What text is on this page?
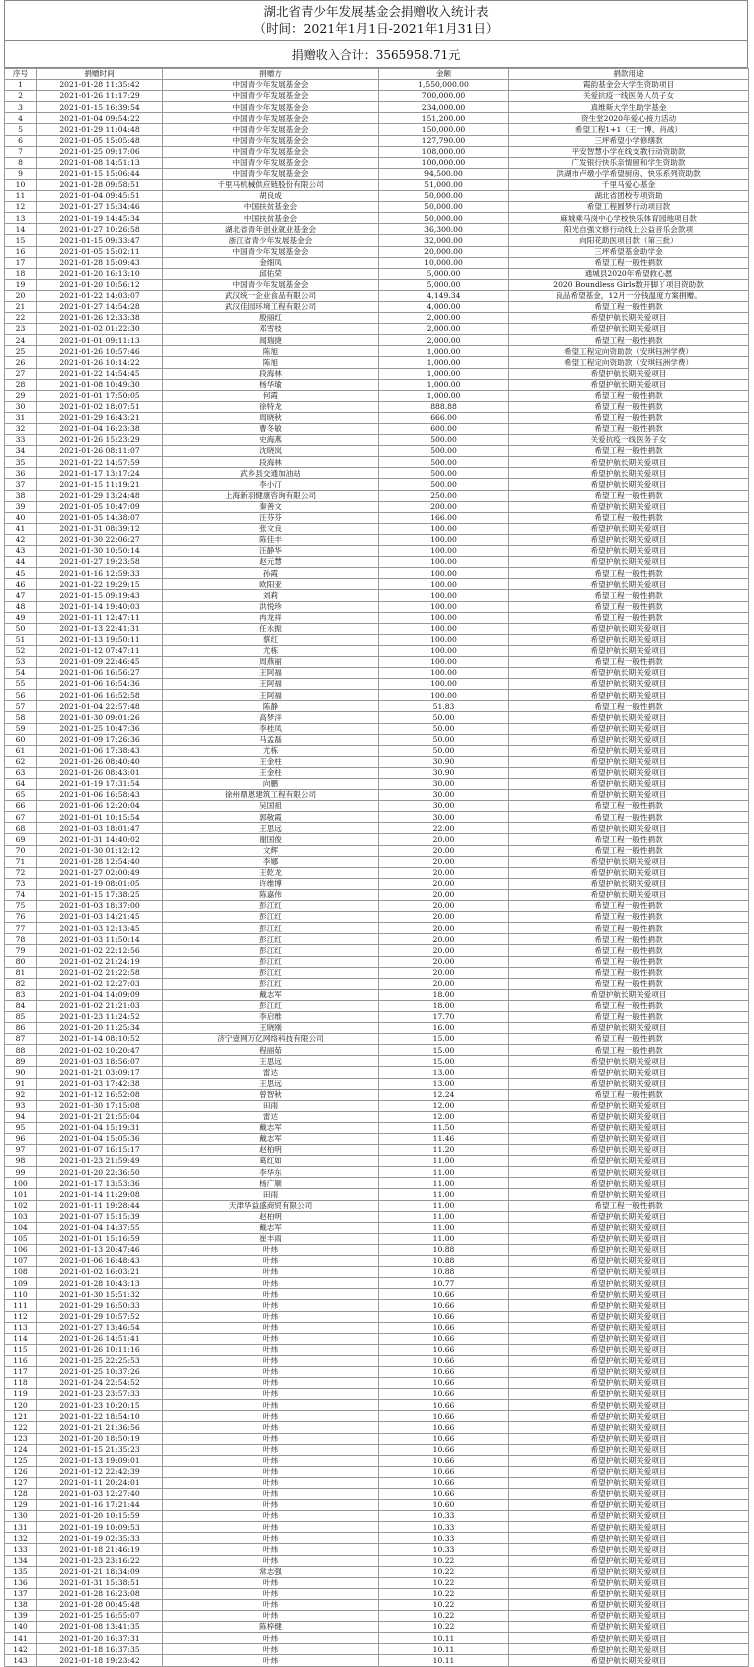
湖北省青少年发展基金会捐赠收入统计表
（时间：2021年1月1日-2021年1月31日）
捐赠收入合计：3565958.71元
序号	捐赠时间	捐赠方	金额	捐款用途
1	2021-01-28 11:35:42	中国青少年发展基金会	1,550,000.00	霞韵基金会大学生资助项目
2	2021-01-26 11:17:29	中国青少年发展基金会	700,000.00	关爱抗疫一线医务人员子女
3	2021-01-15 16:39:54	中国青少年发展基金会	234,000.00	真维斯大学生助学基金
4	2021-01-04 09:54:22	中国青少年发展基金会	151,200.00	资生堂2020年爱心接力活动
5	2021-01-29 11:04:48	中国青少年发展基金会	150,000.00	希望工程1+1（王一博、肖战）
6	2021-01-05 15:05:48	中国青少年发展基金会	127,790.00	三坪希望小学修缮款
7	2021-01-25 09:17:06	中国青少年发展基金会	108,000.00	平安智慧小学在线支教行动资助款
8	2021-01-08 14:51:13	中国青少年发展基金会	100,000.00	广发银行快乐亲情留和学生资助款
9	2021-01-15 15:06:44	中国青少年发展基金会	94,500.00	洪湖市卢墩小学希望厨房、快乐系列资助款
10	2021-01-28 09:58:51	千里马机械供应链股份有限公司	51,000.00	千里马爱心基金
11	2021-01-04 09:45:51	胡良成	50,000.00	湖北省团校专项资助
12	2021-01-27 15:34:46	中国扶贫基金会	50,000.00	希望工程圆梦行动项目款
13	2021-01-19 14:45:34	中国扶贫基金会	50,000.00	麻城乘马岗中心学校快乐体育园地项目款
14	2021-01-27 10:26:58	湖北省青年创业就业基金会	36,300.00	阳光自强文修行动线上公益音乐会款项
15	2021-01-15 09:33:47	浙江省青少年发展基金会	32,000.00	向阳花助医项目款（第三批）
16	2021-01-05 15:02:11	中国青少年发展基金会	20,000.00	三坪希望基金助学金
17	2021-01-28 15:09:43	金细凤	10,000.00	希望工程一般性捐款
18	2021-01-20 16:13:10	邱佑荣	5,000.00	通城县2020年希望救心愿
19	2021-01-20 10:56:12	中国青少年发展基金会	5,000.00	2020 Boundless Girls数开脚丫项目资助款
20	2021-01-22 14:03:07	武汉统一企业食品有限公司	4,149.34	良品希望基金，12月一分钱温度方案捐赠。
21	2021-01-27 14:54:28	武汉佳园环境工程有限公司	4,000.00	希望工程一般性捐款
22	2021-01-26 12:33:38	殷丽红	2,000.00	希望护航长期关爱项目
23	2021-01-02 01:22:30	邓雪枝	2,000.00	希望护航长期关爱项目
24	2021-01-01 09:11:13	闻瑞捷	2,000.00	希望工程一般性捐款
25	2021-01-26 10:57:46	陈旭	1,000.00	希望工程定向资助款（安琪钰洲学费）
26	2021-01-26 10:14:22	陈旭	1,000.00	希望工程定向资助款（安琪钰洲学费）
27	2021-01-22 14:54:45	段海林	1,000.00	希望护航长期关爱项目
28	2021-01-08 10:49:30	杨华瑜	1,000.00	希望护航长期关爱项目
29	2021-01-01 17:50:05	何霞	1,000.00	希望工程一般性捐款
30	2021-01-02 18:07:51	徐特龙	888.88	希望工程一般性捐款
31	2021-01-29 16:43:21	周晓秋	666.00	希望工程一般性捐款
32	2021-01-04 16:23:38	曹冬敏	600.00	希望工程一般性捐款
33	2021-01-26 15:23:29	史海燕	500.00	关爱抗疫一线医务子女
34	2021-01-26 08:11:07	沈晓岚	500.00	希望工程一般性捐款
35	2021-01-22 14:57:59	段海林	500.00	希望护航长期关爱项目
36	2021-01-17 13:17:24	武乡县交通加油站	500.00	希望护航长期关爱项目
37	2021-01-15 11:19:21	李小汀	500.00	希望护航长期关爱项目
38	2021-01-29 13:24:48	上海新羽健康咨询有限公司	250.00	希望工程一般性捐款
39	2021-01-05 10:47:09	秦善文	200.00	希望护航长期关爱项目
40	2021-01-05 14:38:07	汪芬芬	166.00	希望工程一般性捐款
41	2021-01-31 08:39:12	张文良	100.00	希望护航长期关爱项目
42	2021-01-30 22:06:27	陈佳丰	100.00	希望护航长期关爱项目
43	2021-01-30 10:50:14	汪静华	100.00	希望护航长期关爱项目
44	2021-01-27 19:23:58	赵元慧	100.00	希望护航长期关爱项目
45	2021-01-16 12:59:33	孙霞	100.00	希望工程一般性捐款
46	2021-01-22 19:29:15	欧阳亚	100.00	希望护航长期关爱项目
47	2021-01-15 09:19:43	刘莉	100.00	希望工程一般性捐款
48	2021-01-14 19:40:03	洪悦珍	100.00	希望工程一般性捐款
49	2021-01-11 12:47:11	冉龙祥	100.00	希望工程一般性捐款
50	2021-01-13 22:41:31	任永振	100.00	希望护航长期关爱项目
51	2021-01-13 19:50:11	蔡红	100.00	希望护航长期关爱项目
52	2021-01-12 07:47:11	尤栋	100.00	希望护航长期关爱项目
53	2021-01-09 22:46:45	周燕丽	100.00	希望工程一般性捐款
54	2021-01-06 16:56:27	王阿福	100.00	希望护航长期关爱项目
55	2021-01-06 16:54:36	王阿福	100.00	希望护航长期关爱项目
56	2021-01-06 16:52:58	王阿福	100.00	希望护航长期关爱项目
57	2021-01-04 22:57:48	陈静	51.83	希望工程一般性捐款
58	2021-01-30 09:01:26	高梦洋	50.00	希望护航长期关爱项目
59	2021-01-25 10:47:36	李桂凤	50.00	希望护航长期关爱项目
60	2021-01-09 17:26:36	马孟磊	50.00	希望护航长期关爱项目
61	2021-01-06 17:38:43	尤栋	50.00	希望护航长期关爱项目
62	2021-01-26 08:40:40	王金柱	30.90	希望护航长期关爱项目
63	2021-01-26 08:43:01	王金柱	30.90	希望护航长期关爱项目
64	2021-01-19 17:31:54	向鹏	30.00	希望护航长期关爱项目
65	2021-01-06 16:58:43	徐州鼎恩建筑工程有限公司	30.00	希望护航长期关爱项目
66	2021-01-06 12:20:04	吴国祖	30.00	希望工程一般性捐款
67	2021-01-01 10:15:54	郭敬霞	30.00	希望工程一般性捐款
68	2021-01-03 18:01:47	王思远	22.00	希望护航长期关爱项目
69	2021-01-31 14:40:02	谢国俊	20.00	希望工程一般性捐款
70	2021-01-30 01:12:12	文辉	20.00	希望工程一般性捐款
71	2021-01-28 12:54:40	李娜	20.00	希望护航长期关爱项目
72	2021-01-27 02:00:49	王乾龙	20.00	希望护航长期关爱项目
73	2021-01-19 08:01:05	许维博	20.00	希望护航长期关爱项目
74	2021-01-15 17:38:25	陈嘉伟	20.00	希望护航长期关爱项目
75	2021-01-03 18:37:00	彭江红	20.00	希望工程一般性捐款
76	2021-01-03 14:21:45	彭江红	20.00	希望工程一般性捐款
77	2021-01-03 12:13:45	彭江红	20.00	希望工程一般性捐款
78	2021-01-03 11:50:14	彭江红	20.00	希望工程一般性捐款
79	2021-01-02 22:12:56	彭江红	20.00	希望工程一般性捐款
80	2021-01-02 21:24:19	彭江红	20.00	希望工程一般性捐款
81	2021-01-02 21:22:58	彭江红	20.00	希望工程一般性捐款
82	2021-01-02 12:27:03	彭江红	20.00	希望工程一般性捐款
83	2021-01-04 14:09:09	戴志军	18.00	希望护航长期关爱项目
84	2021-01-02 21:21:03	彭江红	18.00	希望工程一般性捐款
85	2021-01-23 11:24:52	李启维	17.70	希望工程一般性捐款
86	2021-01-20 11:25:34	王晓刚	16.00	希望护航长期关爱项目
87	2021-01-14 08:10:52	济宁壹网万亿网络科技有限公司	15.00	希望工程一般性捐款
88	2021-01-02 10:20:47	程丽茹	15.00	希望工程一般性捐款
89	2021-01-03 18:56:07	王思远	15.00	希望护航长期关爱项目
90	2021-01-21 03:09:17	雷达	13.00	希望护航长期关爱项目
91	2021-01-03 17:42:38	王思远	13.00	希望护航长期关爱项目
92	2021-01-12 16:52:08	曾智秋	12.24	希望工程一般性捐款
93	2021-01-30 17:15:08	田雨	12.00	希望护航长期关爱项目
94	2021-01-21 21:55:04	雷达	12.00	希望护航长期关爱项目
95	2021-01-04 15:19:31	戴志军	11.50	希望护航长期关爱项目
96	2021-01-04 15:05:36	戴志军	11.46	希望护航长期关爱项目
97	2021-01-07 16:15:17	赵柏明	11.20	希望护航长期关爱项目
98	2021-01-23 21:59:49	葛红如	11.00	希望护航长期关爱项目
99	2021-01-20 22:36:50	李华东	11.00	希望护航长期关爱项目
100	2021-01-17 13:53:36	杨广顺	11.00	希望护航长期关爱项目
101	2021-01-14 11:29:08	田雨	11.00	希望护航长期关爱项目
102	2021-01-11 19:28:44	天津华益盛商贸有限公司	11.00	希望工程一般性捐款
103	2021-01-07 15:15:39	赵柏明	11.00	希望护航长期关爱项目
104	2021-01-04 14:37:55	戴志军	11.00	希望护航长期关爱项目
105	2021-01-01 15:16:59	崔丰雨	11.00	希望护航长期关爱项目
106	2021-01-13 20:47:46	叶炜	10.88	希望护航长期关爱项目
107	2021-01-06 16:48:43	叶炜	10.88	希望护航长期关爱项目
108	2021-01-02 16:03:21	叶炜	10.88	希望护航长期关爱项目
109	2021-01-28 10:43:13	叶炜	10.77	希望护航长期关爱项目
110	2021-01-30 15:51:32	叶炜	10.66	希望护航长期关爱项目
111	2021-01-29 16:50:33	叶炜	10.66	希望护航长期关爱项目
112	2021-01-29 10:57:52	叶炜	10.66	希望护航长期关爱项目
113	2021-01-27 13:46:54	叶炜	10.66	希望护航长期关爱项目
114	2021-01-26 14:51:41	叶炜	10.66	希望护航长期关爱项目
115	2021-01-26 10:11:16	叶炜	10.66	希望护航长期关爱项目
116	2021-01-25 22:25:53	叶炜	10.66	希望护航长期关爱项目
117	2021-01-25 10:37:26	叶炜	10.66	希望护航长期关爱项目
118	2021-01-24 22:54:52	叶炜	10.66	希望护航长期关爱项目
119	2021-01-23 23:57:33	叶炜	10.66	希望护航长期关爱项目
120	2021-01-23 10:20:15	叶炜	10.66	希望护航长期关爱项目
121	2021-01-22 18:54:10	叶炜	10.66	希望护航长期关爱项目
122	2021-01-21 21:36:56	叶炜	10.66	希望护航长期关爱项目
123	2021-01-20 18:50:19	叶炜	10.66	希望护航长期关爱项目
124	2021-01-15 21:35:23	叶炜	10.66	希望护航长期关爱项目
125	2021-01-13 19:09:01	叶炜	10.66	希望护航长期关爱项目
126	2021-01-12 22:42:39	叶炜	10.66	希望护航长期关爱项目
127	2021-01-11 20:24:01	叶炜	10.66	希望护航长期关爱项目
128	2021-01-03 12:27:40	叶炜	10.66	希望护航长期关爱项目
129	2021-01-16 17:21:44	叶炜	10.60	希望护航长期关爱项目
130	2021-01-20 10:15:59	叶炜	10.33	希望护航长期关爱项目
131	2021-01-19 10:09:53	叶炜	10.33	希望护航长期关爱项目
132	2021-01-19 02:35:33	叶炜	10.33	希望护航长期关爱项目
133	2021-01-18 21:46:19	叶炜	10.33	希望护航长期关爱项目
134	2021-01-23 23:16:22	叶炜	10.22	希望护航长期关爱项目
135	2021-01-21 18:34:09	常志强	10.22	希望护航长期关爱项目
136	2021-01-31 15:38:51	叶炜	10.22	希望护航长期关爱项目
137	2021-01-28 16:23:08	叶炜	10.22	希望护航长期关爱项目
138	2021-01-28 00:45:48	叶炜	10.22	希望护航长期关爱项目
139	2021-01-25 16:55:07	叶炜	10.22	希望护航长期关爱项目
140	2021-01-08 13:41:35	陈梓健	10.22	希望护航长期关爱项目
141	2021-01-20 16:37:31	叶炜	10.11	希望护航长期关爱项目
142	2021-01-18 16:37:35	叶炜	10.11	希望护航长期关爱项目
143	2021-01-18 19:23:42	叶炜	10.11	希望护航长期关爱项目
